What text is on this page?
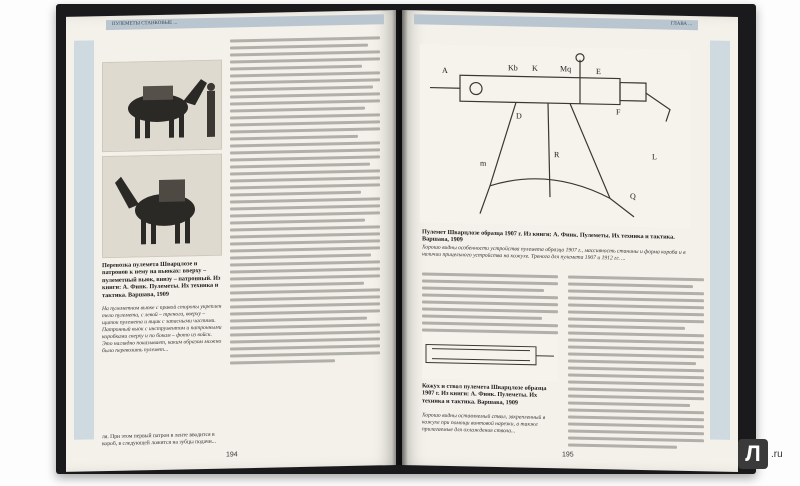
ПУЛЕМЕТЫ СТАНКОВЫЕ ...
Перевозка пулемета Шварцлозе и патронов к нему на вьюках: вверху – пулеметный вьюк, внизу – патронный. Из книги: А. Финк. Пулеметы. Их техника и тактика. Варшава, 1909
На пулеметном вьюке с правой стороны укреплен тело пулемета, с левой – тренога, вверху – щиток пулемета и ящик с запасными частями. Патронный вьюк с инструментом и патронными коробками сверху и по бокам – фото из войск. Это наглядно показывает, каким образом можно было перевозить пулемет...
ля. При этом первый патрон в ленте вводится в короб, в следующей ложится на зубцы подачи...
194
ГЛАВА ...
A	Kb K	Mq	E
F
D
R	L
m
Q
Пулемет Шварцлозе образца 1907 г. Из книги: А. Финк. Пулеметы. Их техника и тактика. Варшава, 1909
Хорошо видны особенности устройства пулемета образца 1907 г., массивность станины и форма короба и в наличии прицельного устройства на кожухе. Тренога для пулемета 1907 и 1912 гг. ...
Кожух и ствол пулемета Шварцлозе образца 1907 г. Из книги: А. Финк. Пулеметы. Их техника и тактика. Варшава, 1909
Хорошо видны оставляемый ствол, закрепленный в кожухе при помощи винтовой нарезки, а также прилагаемые для охлаждения ствола...
195	Л	.ru
